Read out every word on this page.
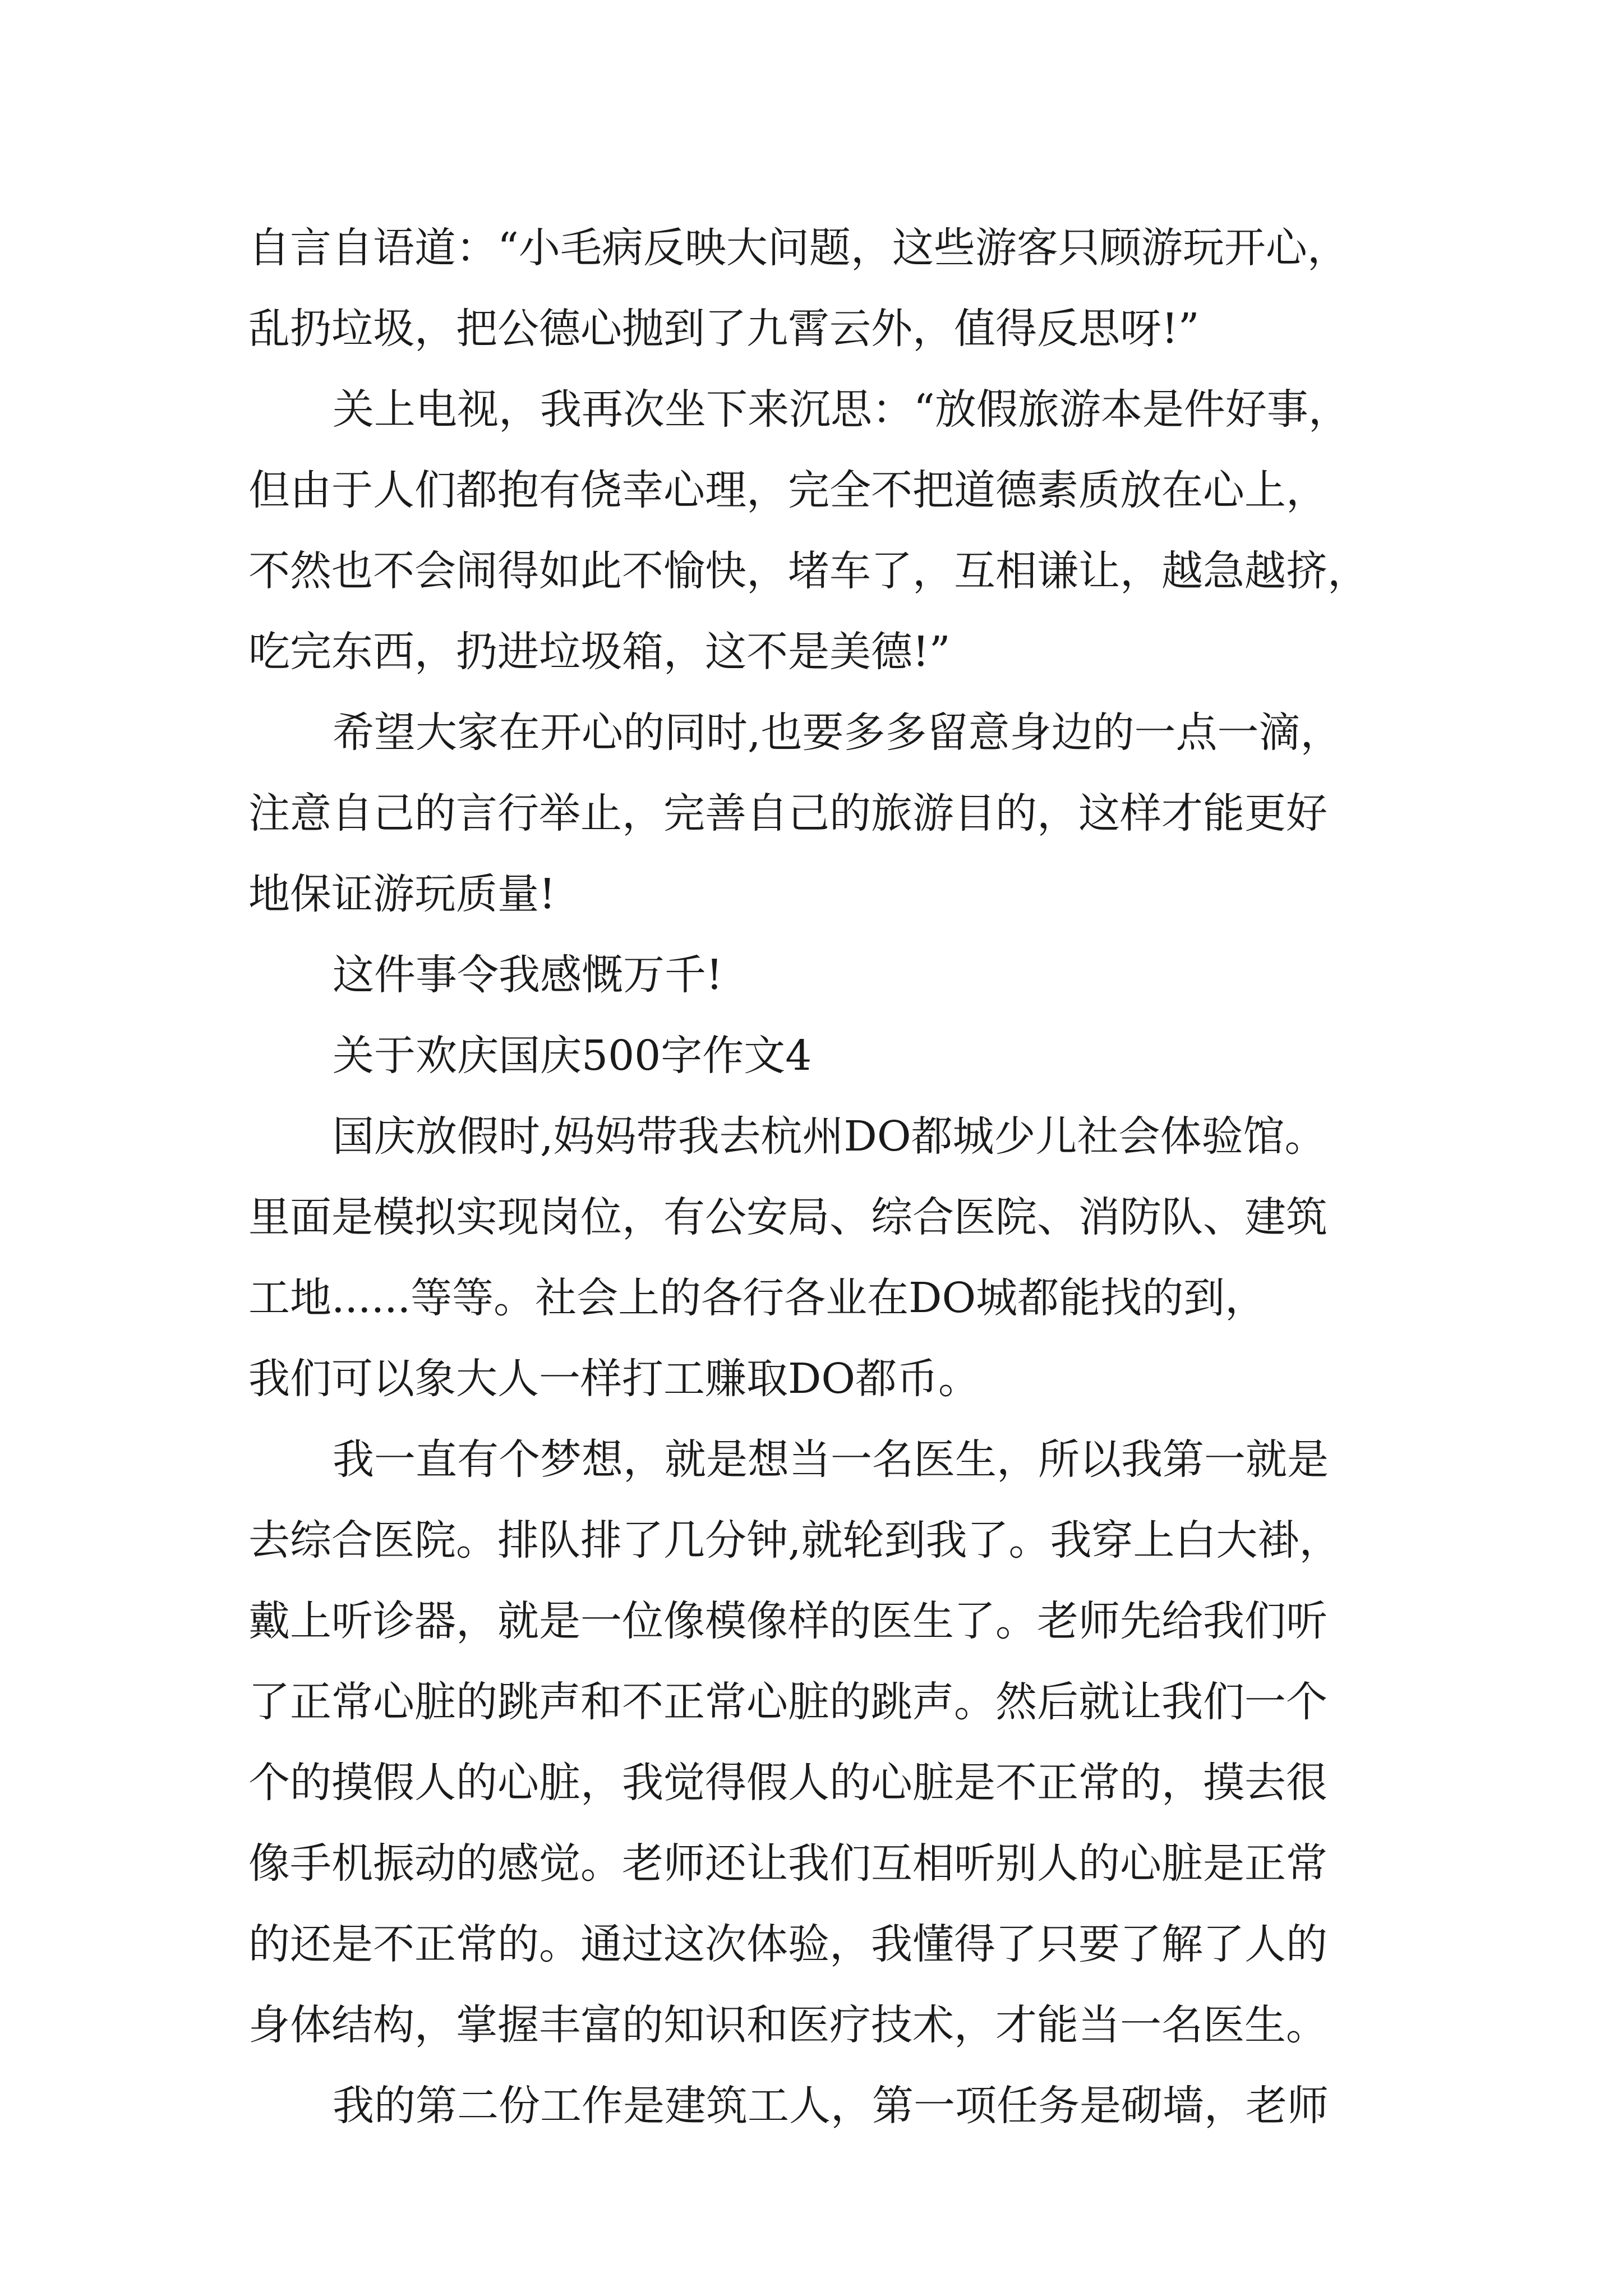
自言自语道：“小毛病反映大问题，这些游客只顾游玩开心，
乱扔垃圾，把公德心抛到了九霄云外，值得反思呀!”
关上电视，我再次坐下来沉思：“放假旅游本是件好事，
但由于人们都抱有侥幸心理，完全不把道德素质放在心上，
不然也不会闹得如此不愉快，堵车了，互相谦让，越急越挤，
吃完东西，扔进垃圾箱，这不是美德!”
希望大家在开心的同时,也要多多留意身边的一点一滴，
注意自己的言行举止，完善自己的旅游目的，这样才能更好
地保证游玩质量!
这件事令我感慨万千!
关于欢庆国庆500字作文4
国庆放假时,妈妈带我去杭州DO都城少儿社会体验馆。
里面是模拟实现岗位，有公安局、综合医院、消防队、建筑
工地......等等。社会上的各行各业在DO城都能找的到，
我们可以象大人一样打工赚取DO都币。
我一直有个梦想，就是想当一名医生，所以我第一就是
去综合医院。排队排了几分钟,就轮到我了。我穿上白大褂，
戴上听诊器，就是一位像模像样的医生了。老师先给我们听
了正常心脏的跳声和不正常心脏的跳声。然后就让我们一个
个的摸假人的心脏，我觉得假人的心脏是不正常的，摸去很
像手机振动的感觉。老师还让我们互相听别人的心脏是正常
的还是不正常的。通过这次体验，我懂得了只要了解了人的
身体结构，掌握丰富的知识和医疗技术，才能当一名医生。
我的第二份工作是建筑工人，第一项任务是砌墙，老师
